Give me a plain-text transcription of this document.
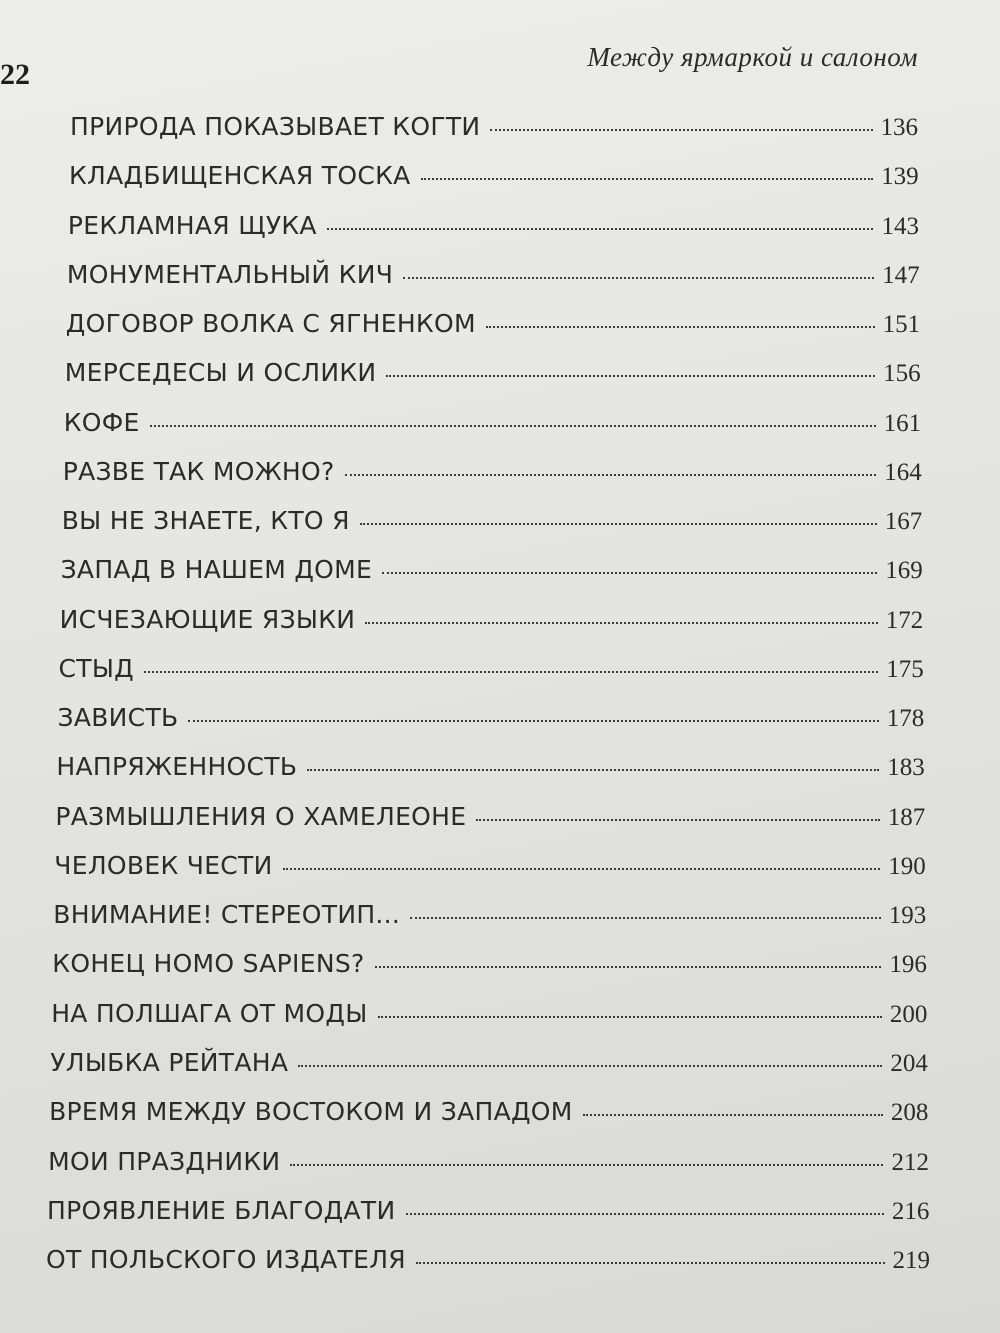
22
Между ярмаркой и салоном
ПРИРОДА ПОКАЗЫВАЕТ КОГТИ	136
КЛАДБИЩЕНСКАЯ ТОСКА	139
РЕКЛАМНАЯ ЩУКА	143
МОНУМЕНТАЛЬНЫЙ КИЧ	147
ДОГОВОР ВОЛКА С ЯГНЕНКОМ	151
МЕРСЕДЕСЫ И ОСЛИКИ	156
КОФЕ	161
РАЗВЕ ТАК МОЖНО?	164
ВЫ НЕ ЗНАЕТЕ, КТО Я	167
ЗАПАД В НАШЕМ ДОМЕ	169
ИСЧЕЗАЮЩИЕ ЯЗЫКИ	172
СТЫД	175
ЗАВИСТЬ	178
НАПРЯЖЕННОСТЬ	183
РАЗМЫШЛЕНИЯ О ХАМЕЛЕОНЕ	187
ЧЕЛОВЕК ЧЕСТИ	190
ВНИМАНИЕ! СТЕРЕОТИП...	193
КОНЕЦ HOMO SAPIENS?	196
НА ПОЛШАГА ОТ МОДЫ	200
УЛЫБКА РЕЙТАНА	204
ВРЕМЯ МЕЖДУ ВОСТОКОМ И ЗАПАДОМ	208
МОИ ПРАЗДНИКИ	212
ПРОЯВЛЕНИЕ БЛАГОДАТИ	216
ОТ ПОЛЬСКОГО ИЗДАТЕЛЯ	219
